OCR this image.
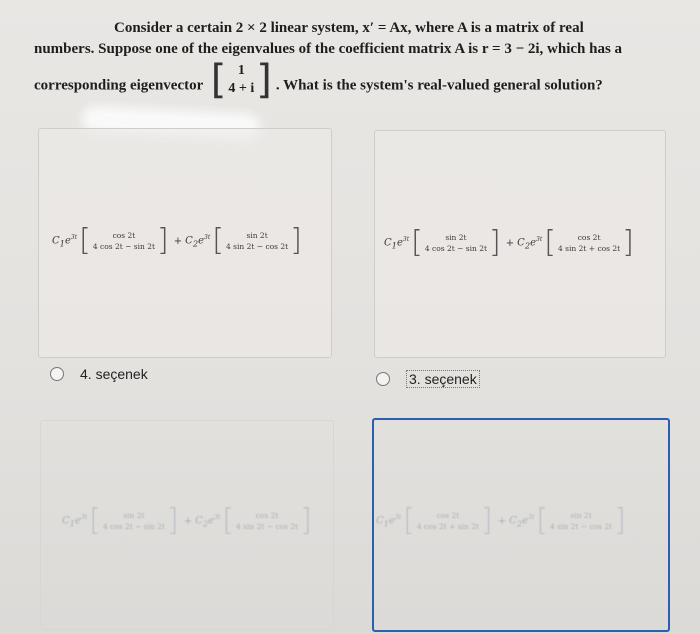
Consider a certain 2 × 2 linear system, x′ = Ax, where A is a matrix of real
numbers. Suppose one of the eigenvalues of the coefficient matrix A is r = 3 − 2i, which has a
corresponding eigenvector [ 1
4 + i ] . What is the system's real-valued general solution?
$C_1e^{3t}$ [	cos 2t
4 cos 2t − sin 2t ] + $C_2e^{3t}$ [	sin 2t
4 sin 2t − cos 2t ]
4. seçenek
$C_1e^{3t}$ [	sin 2t
4 cos 2t − sin 2t ] + $C_2e^{3t}$ [	cos 2t
4 sin 2t + cos 2t ]
3. seçenek
$C_1e^{3t}$ [	sin 2t
4 cos 2t − sin 2t ] + $C_2e^{3t}$ [	cos 2t
4 sin 2t − cos 2t ]	$C_1e^{3t}$ [	cos 2t
4 cos 2t + sin 2t ] + $C_2e^{3t}$ [	sin 2t
4 sin 2t − cos 2t ]
